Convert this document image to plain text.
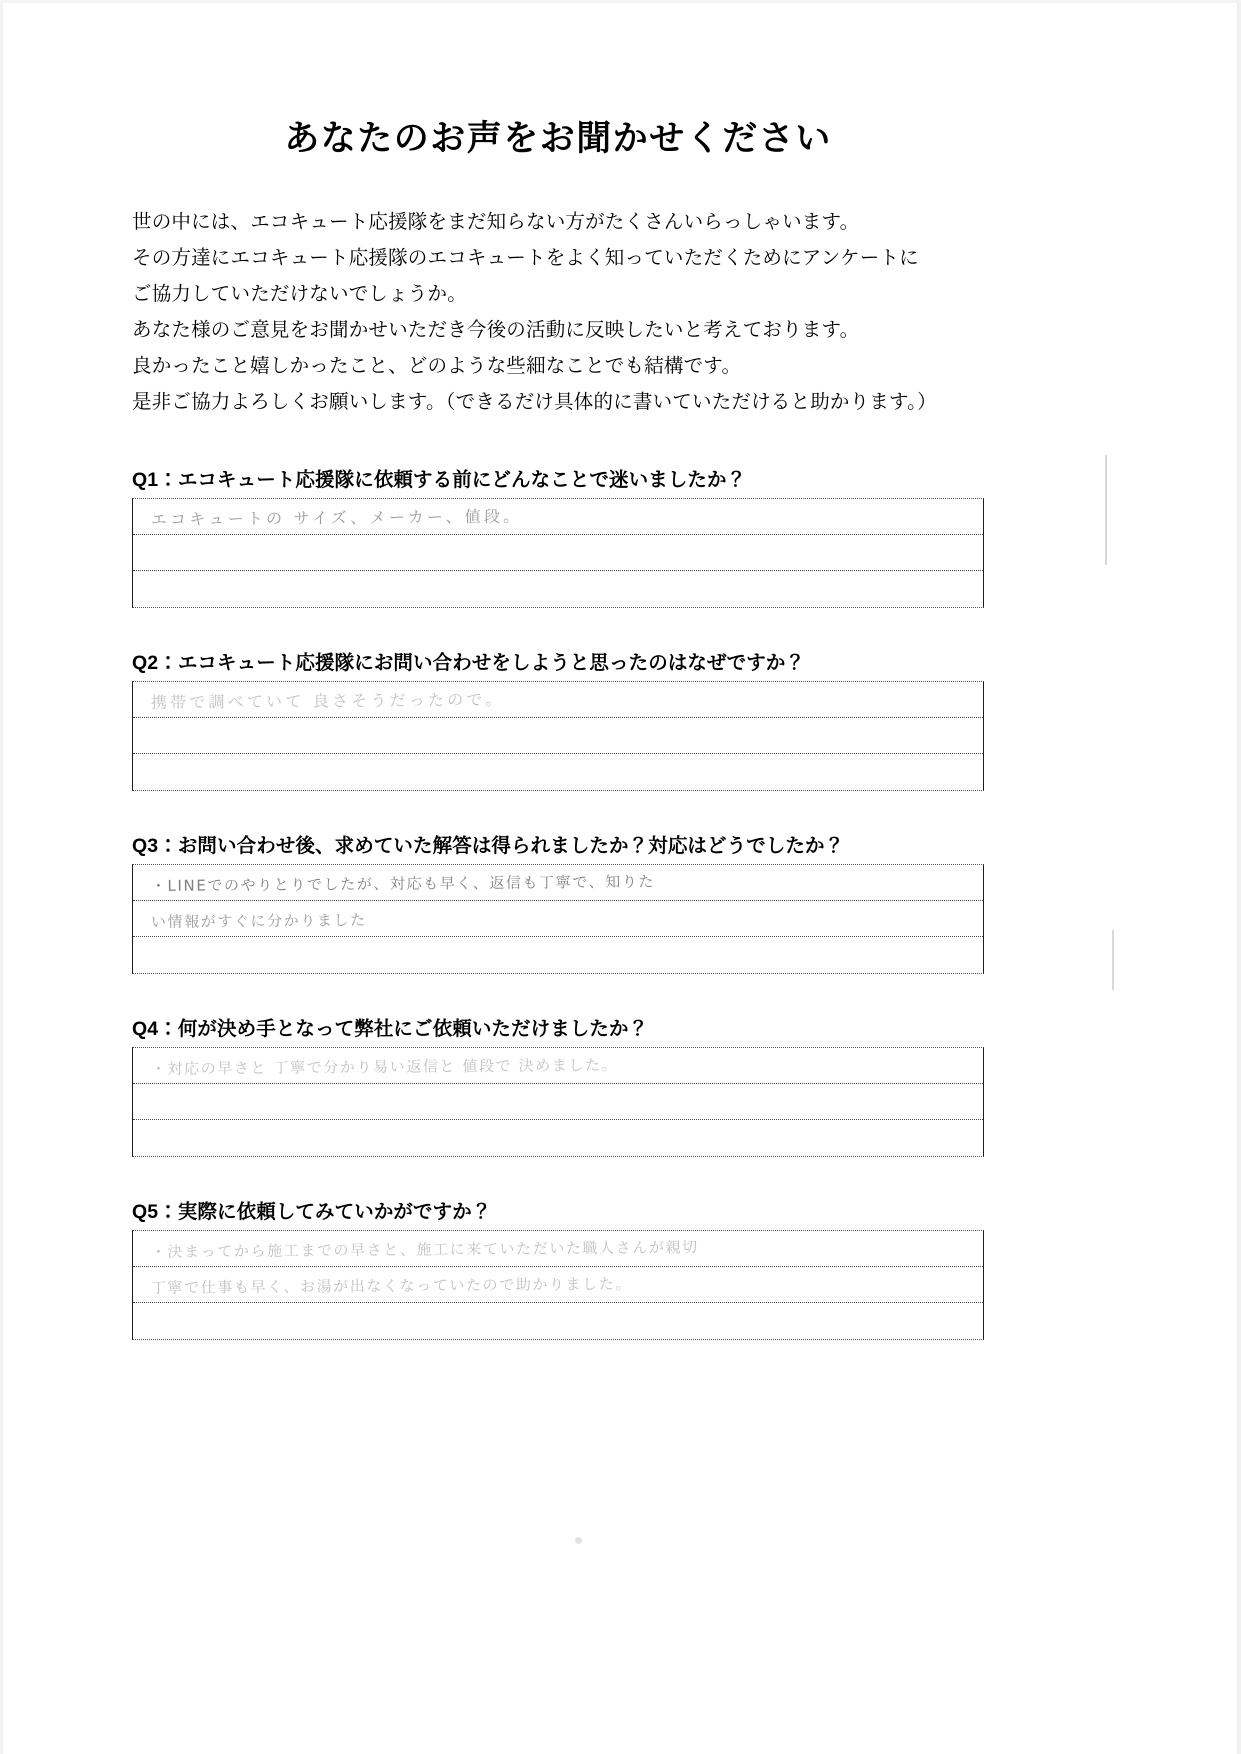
あなたのお声をお聞かせください
世の中には、エコキュート応援隊をまだ知らない方がたくさんいらっしゃいます。
その方達にエコキュート応援隊のエコキュートをよく知っていただくためにアンケートに
ご協力していただけないでしょうか。
あなた様のご意見をお聞かせいただき今後の活動に反映したいと考えております。
良かったこと嬉しかったこと、どのような些細なことでも結構です。
是非ご協力よろしくお願いします。（できるだけ具体的に書いていただけると助かります。）
Q1：エコキュート応援隊に依頼する前にどんなことで迷いましたか？
エコキュートの サイズ、メーカー、値段。
Q2：エコキュート応援隊にお問い合わせをしようと思ったのはなぜですか？
携帯で調べていて 良さそうだったので。
Q3：お問い合わせ後、求めていた解答は得られましたか？対応はどうでしたか？
・LINEでのやりとりでしたが、対応も早く、返信も丁寧で、知りた
い情報がすぐに分かりました
Q4：何が決め手となって弊社にご依頼いただけましたか？
・対応の早さと 丁寧で分かり易い返信と 値段で 決めました。
Q5：実際に依頼してみていかがですか？
・決まってから施工までの早さと、施工に来ていただいた職人さんが親切
丁寧で仕事も早く、お湯が出なくなっていたので助かりました。
